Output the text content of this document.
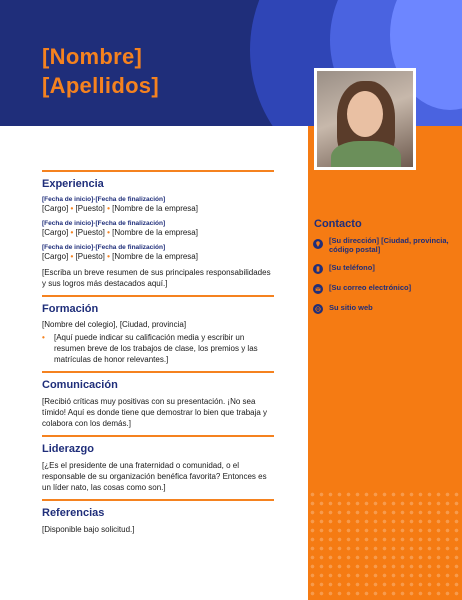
[Nombre]
[Apellidos]
Contacto
[Su dirección] [Ciudad, provincia, código postal]
[Su teléfono]
[Su correo electrónico]
Su sitio web
Experiencia
[Fecha de inicio]-[Fecha de finalización]
[Cargo] • [Puesto] • [Nombre de la empresa]
[Fecha de inicio]-[Fecha de finalización]
[Cargo] • [Puesto] • [Nombre de la empresa]
[Fecha de inicio]-[Fecha de finalización]
[Cargo] • [Puesto] • [Nombre de la empresa]

[Escriba un breve resumen de sus principales responsabilidades y sus logros más destacados aquí.]

Formación
[Nombre del colegio], [Ciudad, provincia]
•	[Aquí puede indicar su calificación media y escribir un resumen breve de los trabajos de clase, los premios y las matrículas de honor relevantes.]
Comunicación

[Recibió críticas muy positivas con su presentación. ¡No sea tímido! Aquí es donde tiene que demostrar lo bien que trabaja y colabora con los demás.]

Liderazgo

[¿Es el presidente de una fraternidad o comunidad, o el responsable de su organización benéfica favorita? Entonces es un líder nato, las cosas como son.]

Referencias

[Disponible bajo solicitud.]
